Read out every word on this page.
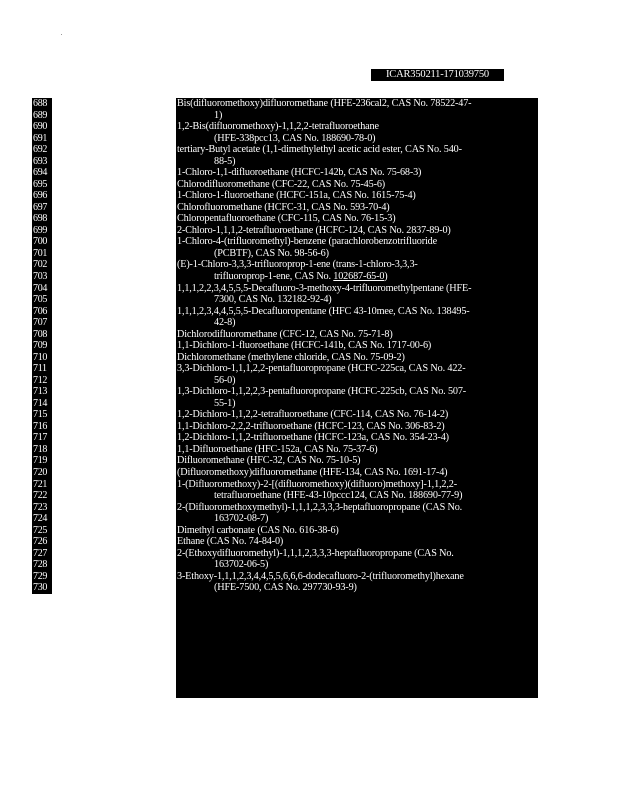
ICAR350211-171039750
688
689
690
691
692
693
694
695
696
697
698
699
700
701
702
703
704
705
706
707
708
709
710
711
712
713
714
715
716
717
718
719
720
721
722
723
724
725
726
727
728
729
730
Bis(difluoromethoxy)difluoromethane (HFE-236cal2, CAS No. 78522-47-
1)
1,2-Bis(difluoromethoxy)-1,1,2,2-tetrafluoroethane
(HFE-338pcc13, CAS No. 188690-78-0)
tertiary-Butyl acetate (1,1-dimethylethyl acetic acid ester, CAS No. 540-
88-5)
1-Chloro-1,1-difluoroethane (HCFC-142b, CAS No. 75-68-3)
Chlorodifluoromethane (CFC-22, CAS No. 75-45-6)
1-Chloro-1-fluoroethane (HCFC-151a, CAS No. 1615-75-4)
Chlorofluoromethane (HCFC-31, CAS No. 593-70-4)
Chloropentafluoroethane (CFC-115, CAS No. 76-15-3)
2-Chloro-1,1,1,2-tetrafluoroethane (HCFC-124, CAS No. 2837-89-0)
1-Chloro-4-(trifluoromethyl)-benzene (parachlorobenzotrifluoride
(PCBTF), CAS No. 98-56-6)
(E)-1-Chloro-3,3,3-trifluoroprop-1-ene (trans-1-chloro-3,3,3-
trifluoroprop-1-ene, CAS No. 102687-65-0)
1,1,1,2,2,3,4,5,5,5-Decafluoro-3-methoxy-4-trifluoromethylpentane (HFE-
7300, CAS No. 132182-92-4)
1,1,1,2,3,4,4,5,5,5-Decafluoropentane (HFC 43-10mee, CAS No. 138495-
42-8)
Dichlorodifluoromethane (CFC-12, CAS No. 75-71-8)
1,1-Dichloro-1-fluoroethane (HCFC-141b, CAS No. 1717-00-6)
Dichloromethane (methylene chloride, CAS No. 75-09-2)
3,3-Dichloro-1,1,1,2,2-pentafluoropropane (HCFC-225ca, CAS No. 422-
56-0)
1,3-Dichloro-1,1,2,2,3-pentafluoropropane (HCFC-225cb, CAS No. 507-
55-1)
1,2-Dichloro-1,1,2,2-tetrafluoroethane (CFC-114, CAS No. 76-14-2)
1,1-Dichloro-2,2,2-trifluoroethane (HCFC-123, CAS No. 306-83-2)
1,2-Dichloro-1,1,2-trifluoroethane (HCFC-123a, CAS No. 354-23-4)
1,1-Difluoroethane (HFC-152a, CAS No. 75-37-6)
Difluoromethane (HFC-32, CAS No. 75-10-5)
(Difluoromethoxy)difluoromethane (HFE-134, CAS No. 1691-17-4)
1-(Difluoromethoxy)-2-[(difluoromethoxy)(difluoro)methoxy]-1,1,2,2-
tetrafluoroethane (HFE-43-10pccc124, CAS No. 188690-77-9)
2-(Difluoromethoxymethyl)-1,1,1,2,3,3,3-heptafluoropropane (CAS No.
163702-08-7)
Dimethyl carbonate (CAS No. 616-38-6)
Ethane (CAS No. 74-84-0)
2-(Ethoxydifluoromethyl)-1,1,1,2,3,3,3-heptafluoropropane (CAS No.
163702-06-5)
3-Ethoxy-1,1,1,2,3,4,4,5,5,6,6,6-dodecafluoro-2-(trifluoromethyl)hexane
(HFE-7500, CAS No. 297730-93-9)
